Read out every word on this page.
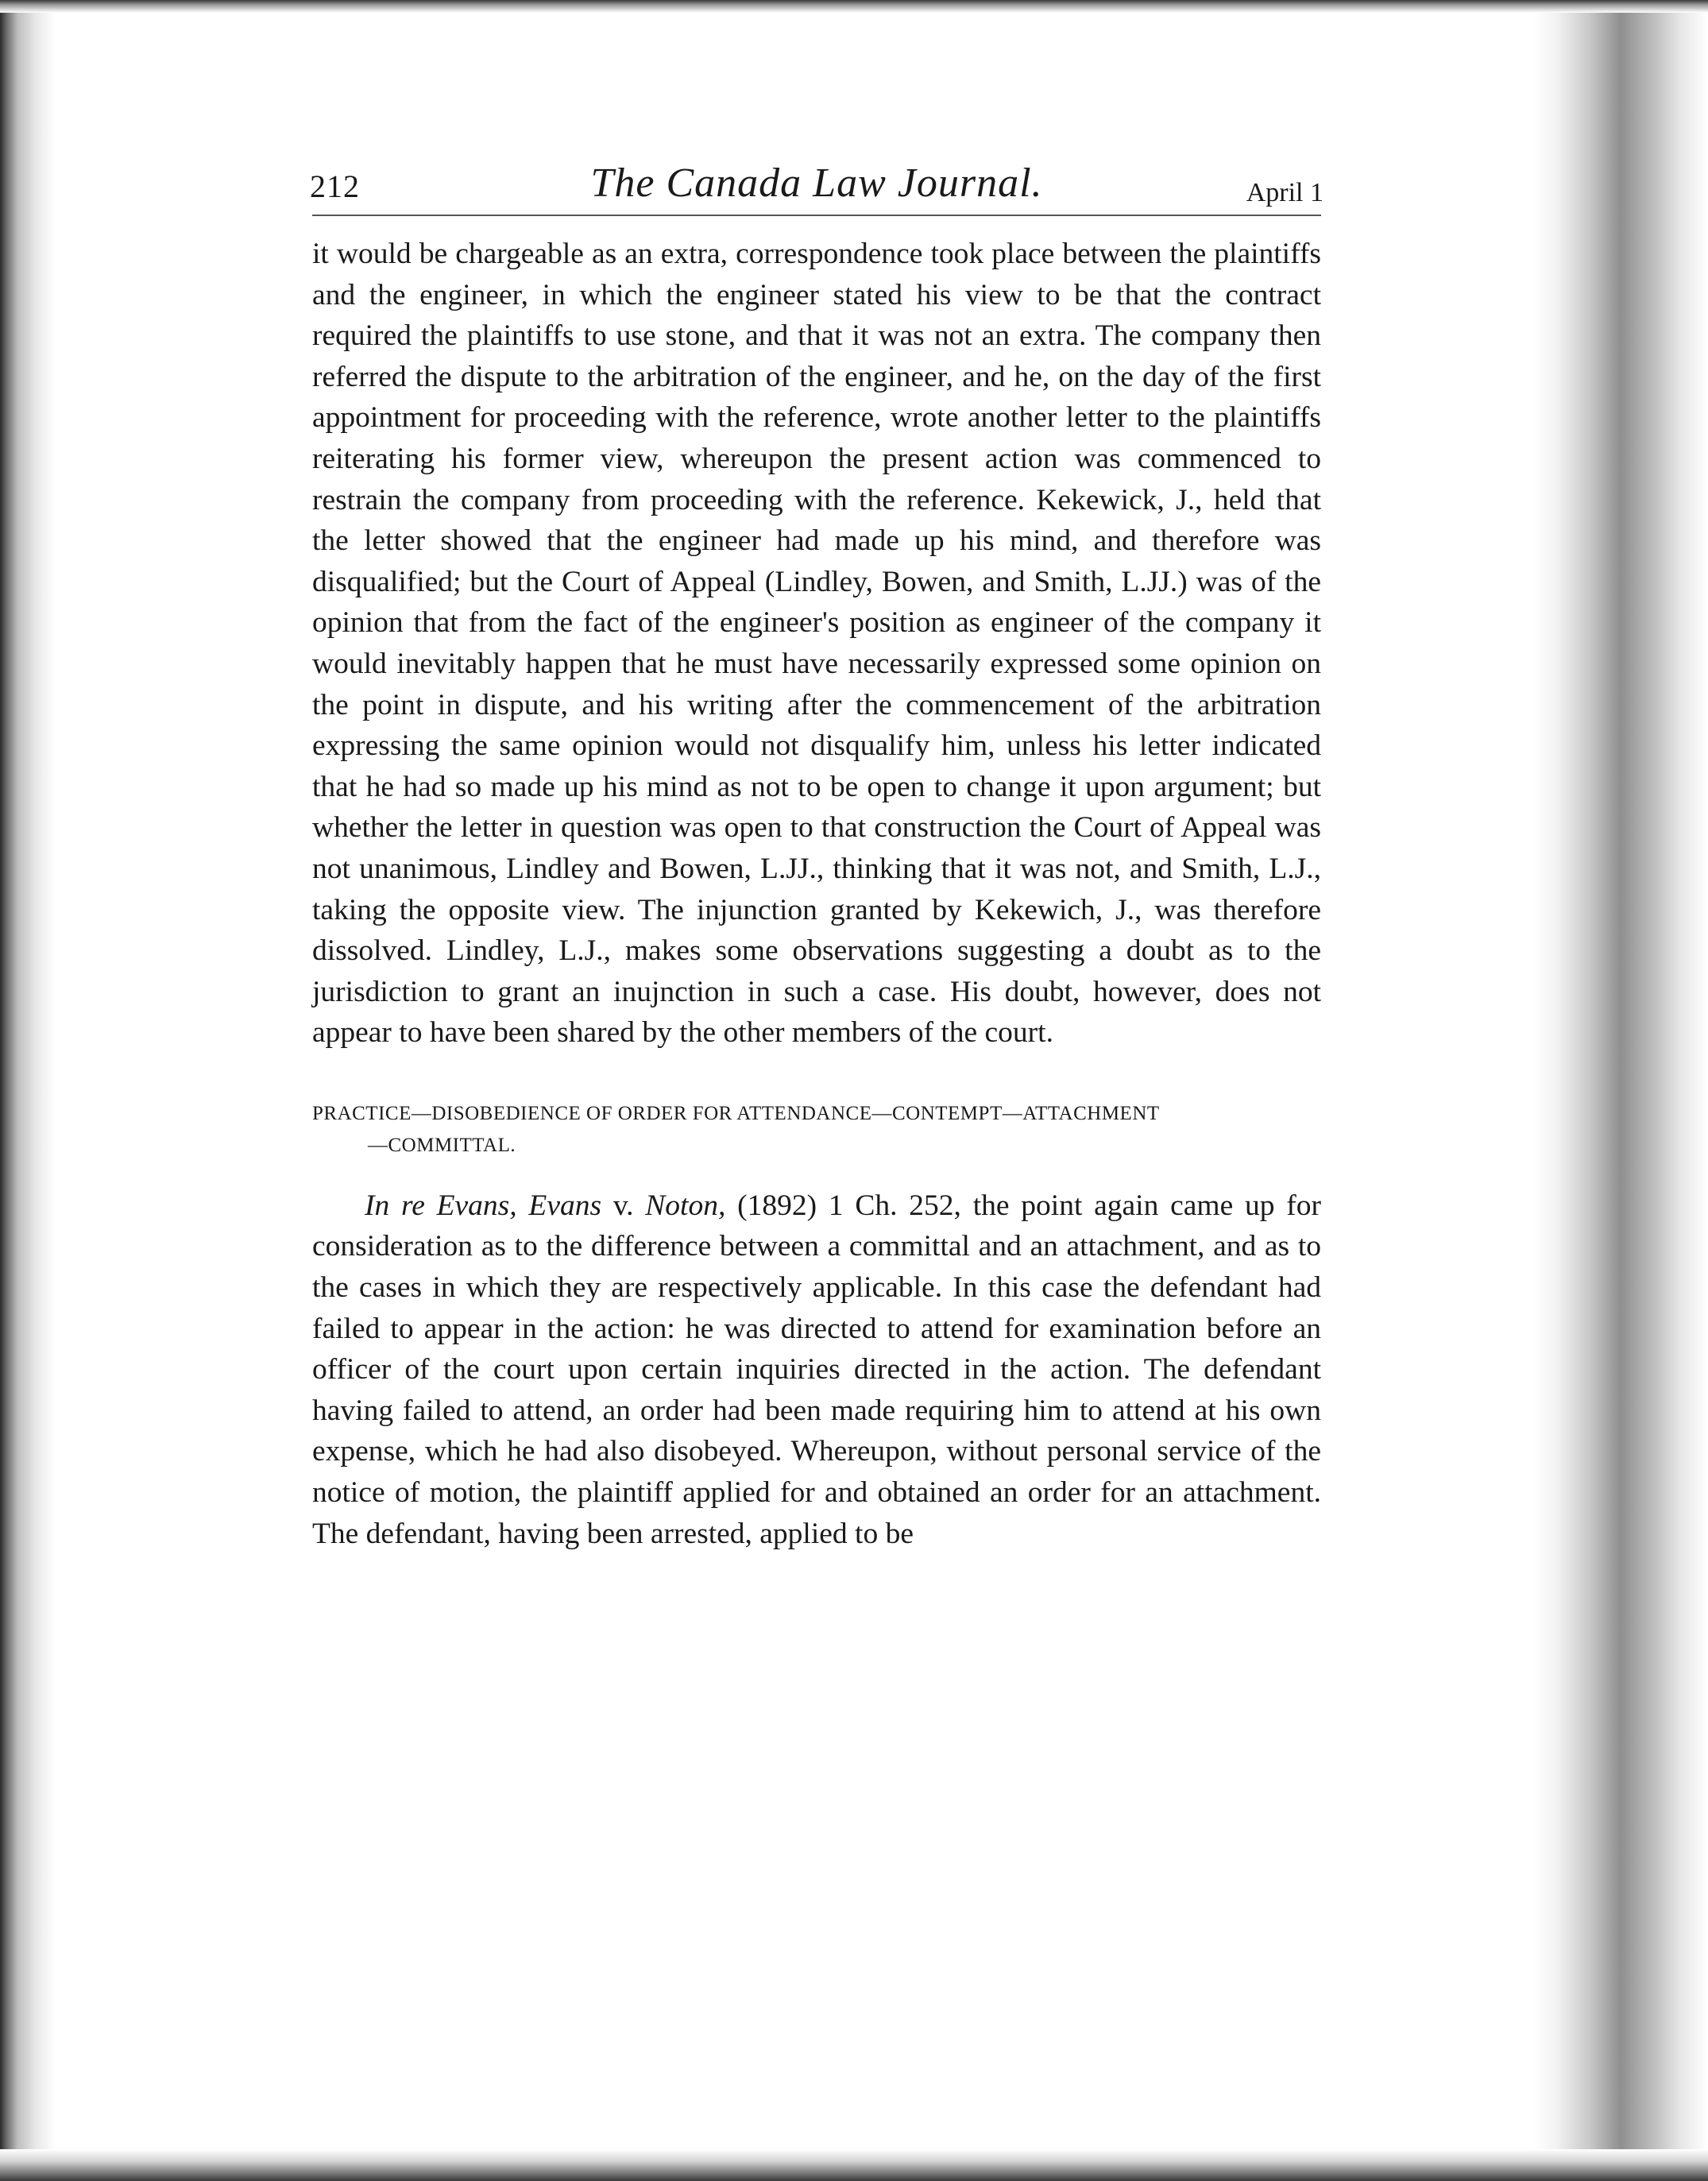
212	The Canada Law Journal.	April 1

it would be chargeable as an extra, correspondence took place between the plaintiffs and the engineer, in which the engineer stated his view to be that the contract required the plaintiffs to use stone, and that it was not an extra. The company then referred the dispute to the arbitration of the engineer, and he, on the day of the first appointment for proceeding with the reference, wrote another letter to the plaintiffs reiterating his former view, whereupon the present action was commenced to restrain the company from proceeding with the reference. Kekewick, J., held that the letter showed that the engineer had made up his mind, and therefore was disqualified; but the Court of Appeal (Lindley, Bowen, and Smith, L.JJ.) was of the opinion that from the fact of the engineer's position as engineer of the company it would inevitably happen that he must have necessarily expressed some opinion on the point in dispute, and his writing after the commencement of the arbitration expressing the same opinion would not disqualify him, unless his letter indicated that he had so made up his mind as not to be open to change it upon argument; but whether the letter in question was open to that construction the Court of Appeal was not unanimous, Lindley and Bowen, L.JJ., thinking that it was not, and Smith, L.J., taking the opposite view. The injunction granted by Kekewich, J., was therefore dissolved. Lindley, L.J., makes some observations suggesting a doubt as to the jurisdiction to grant an inujnction in such a case. His doubt, however, does not appear to have been shared by the other members of the court.

PRACTICE—DISOBEDIENCE OF ORDER FOR ATTENDANCE—CONTEMPT—ATTACHMENT
—COMMITTAL.

In re Evans, Evans v. Noton, (1892) 1 Ch. 252, the point again came up for consideration as to the difference between a committal and an attachment, and as to the cases in which they are respectively applicable. In this case the defendant had failed to appear in the action: he was directed to attend for examination before an officer of the court upon certain inquiries directed in the action. The defendant having failed to attend, an order had been made requiring him to attend at his own expense, which he had also disobeyed. Whereupon, without personal service of the notice of motion, the plaintiff applied for and obtained an order for an attachment. The defendant, having been arrested, applied to be
